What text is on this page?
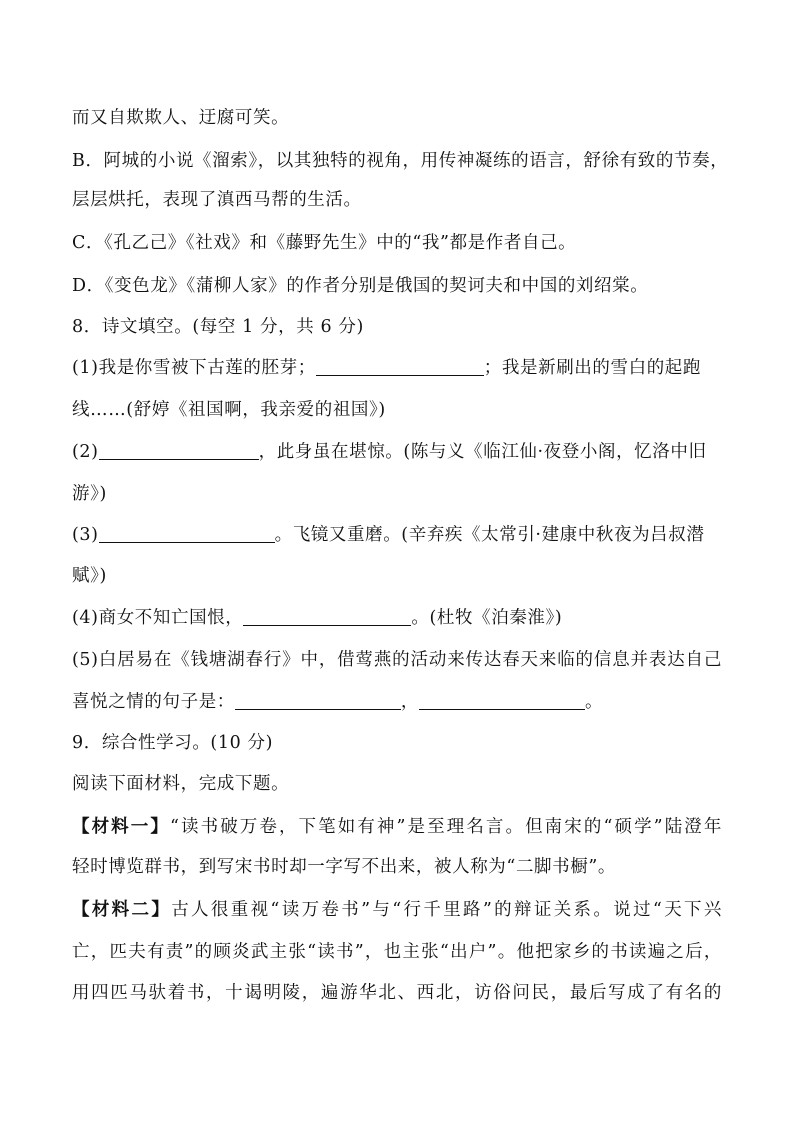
而又自欺欺人、迂腐可笑。
B．阿城的小说《溜索》，以其独特的视角，用传神凝练的语言，舒徐有致的节奏，
层层烘托，表现了滇西马帮的生活。
C．《孔乙己》《社戏》和《藤野先生》中的“我”都是作者自己。
D．《变色龙》《蒲柳人家》的作者分别是俄国的契诃夫和中国的刘绍棠。
8．诗文填空。(每空 1 分，共 6 分)
(1)我是你雪被下古莲的胚芽；	；我是新刷出的雪白的起跑
线……(舒婷《祖国啊，我亲爱的祖国》)
(2)	，此身虽在堪惊。(陈与义《临江仙·夜登小阁，忆洛中旧
游》)
(3)	。飞镜又重磨。(辛弃疾《太常引·建康中秋夜为吕叔潜
赋》)
(4)商女不知亡国恨，	。(杜牧《泊秦淮》)
(5)白居易在《钱塘湖春行》中，借莺燕的活动来传达春天来临的信息并表达自己
喜悦之情的句子是：	，	。
9．综合性学习。(10 分)
阅读下面材料，完成下题。
【材料一】“读书破万卷，下笔如有神”是至理名言。但南宋的“硕学”陆澄年
轻时博览群书，到写宋书时却一字写不出来，被人称为“二脚书橱”。
【材料二】古人很重视“读万卷书”与“行千里路”的辩证关系。说过“天下兴
亡，匹夫有责”的顾炎武主张“读书”，也主张“出户”。他把家乡的书读遍之后，
用四匹马驮着书，十谒明陵，遍游华北、西北，访俗问民，最后写成了有名的
